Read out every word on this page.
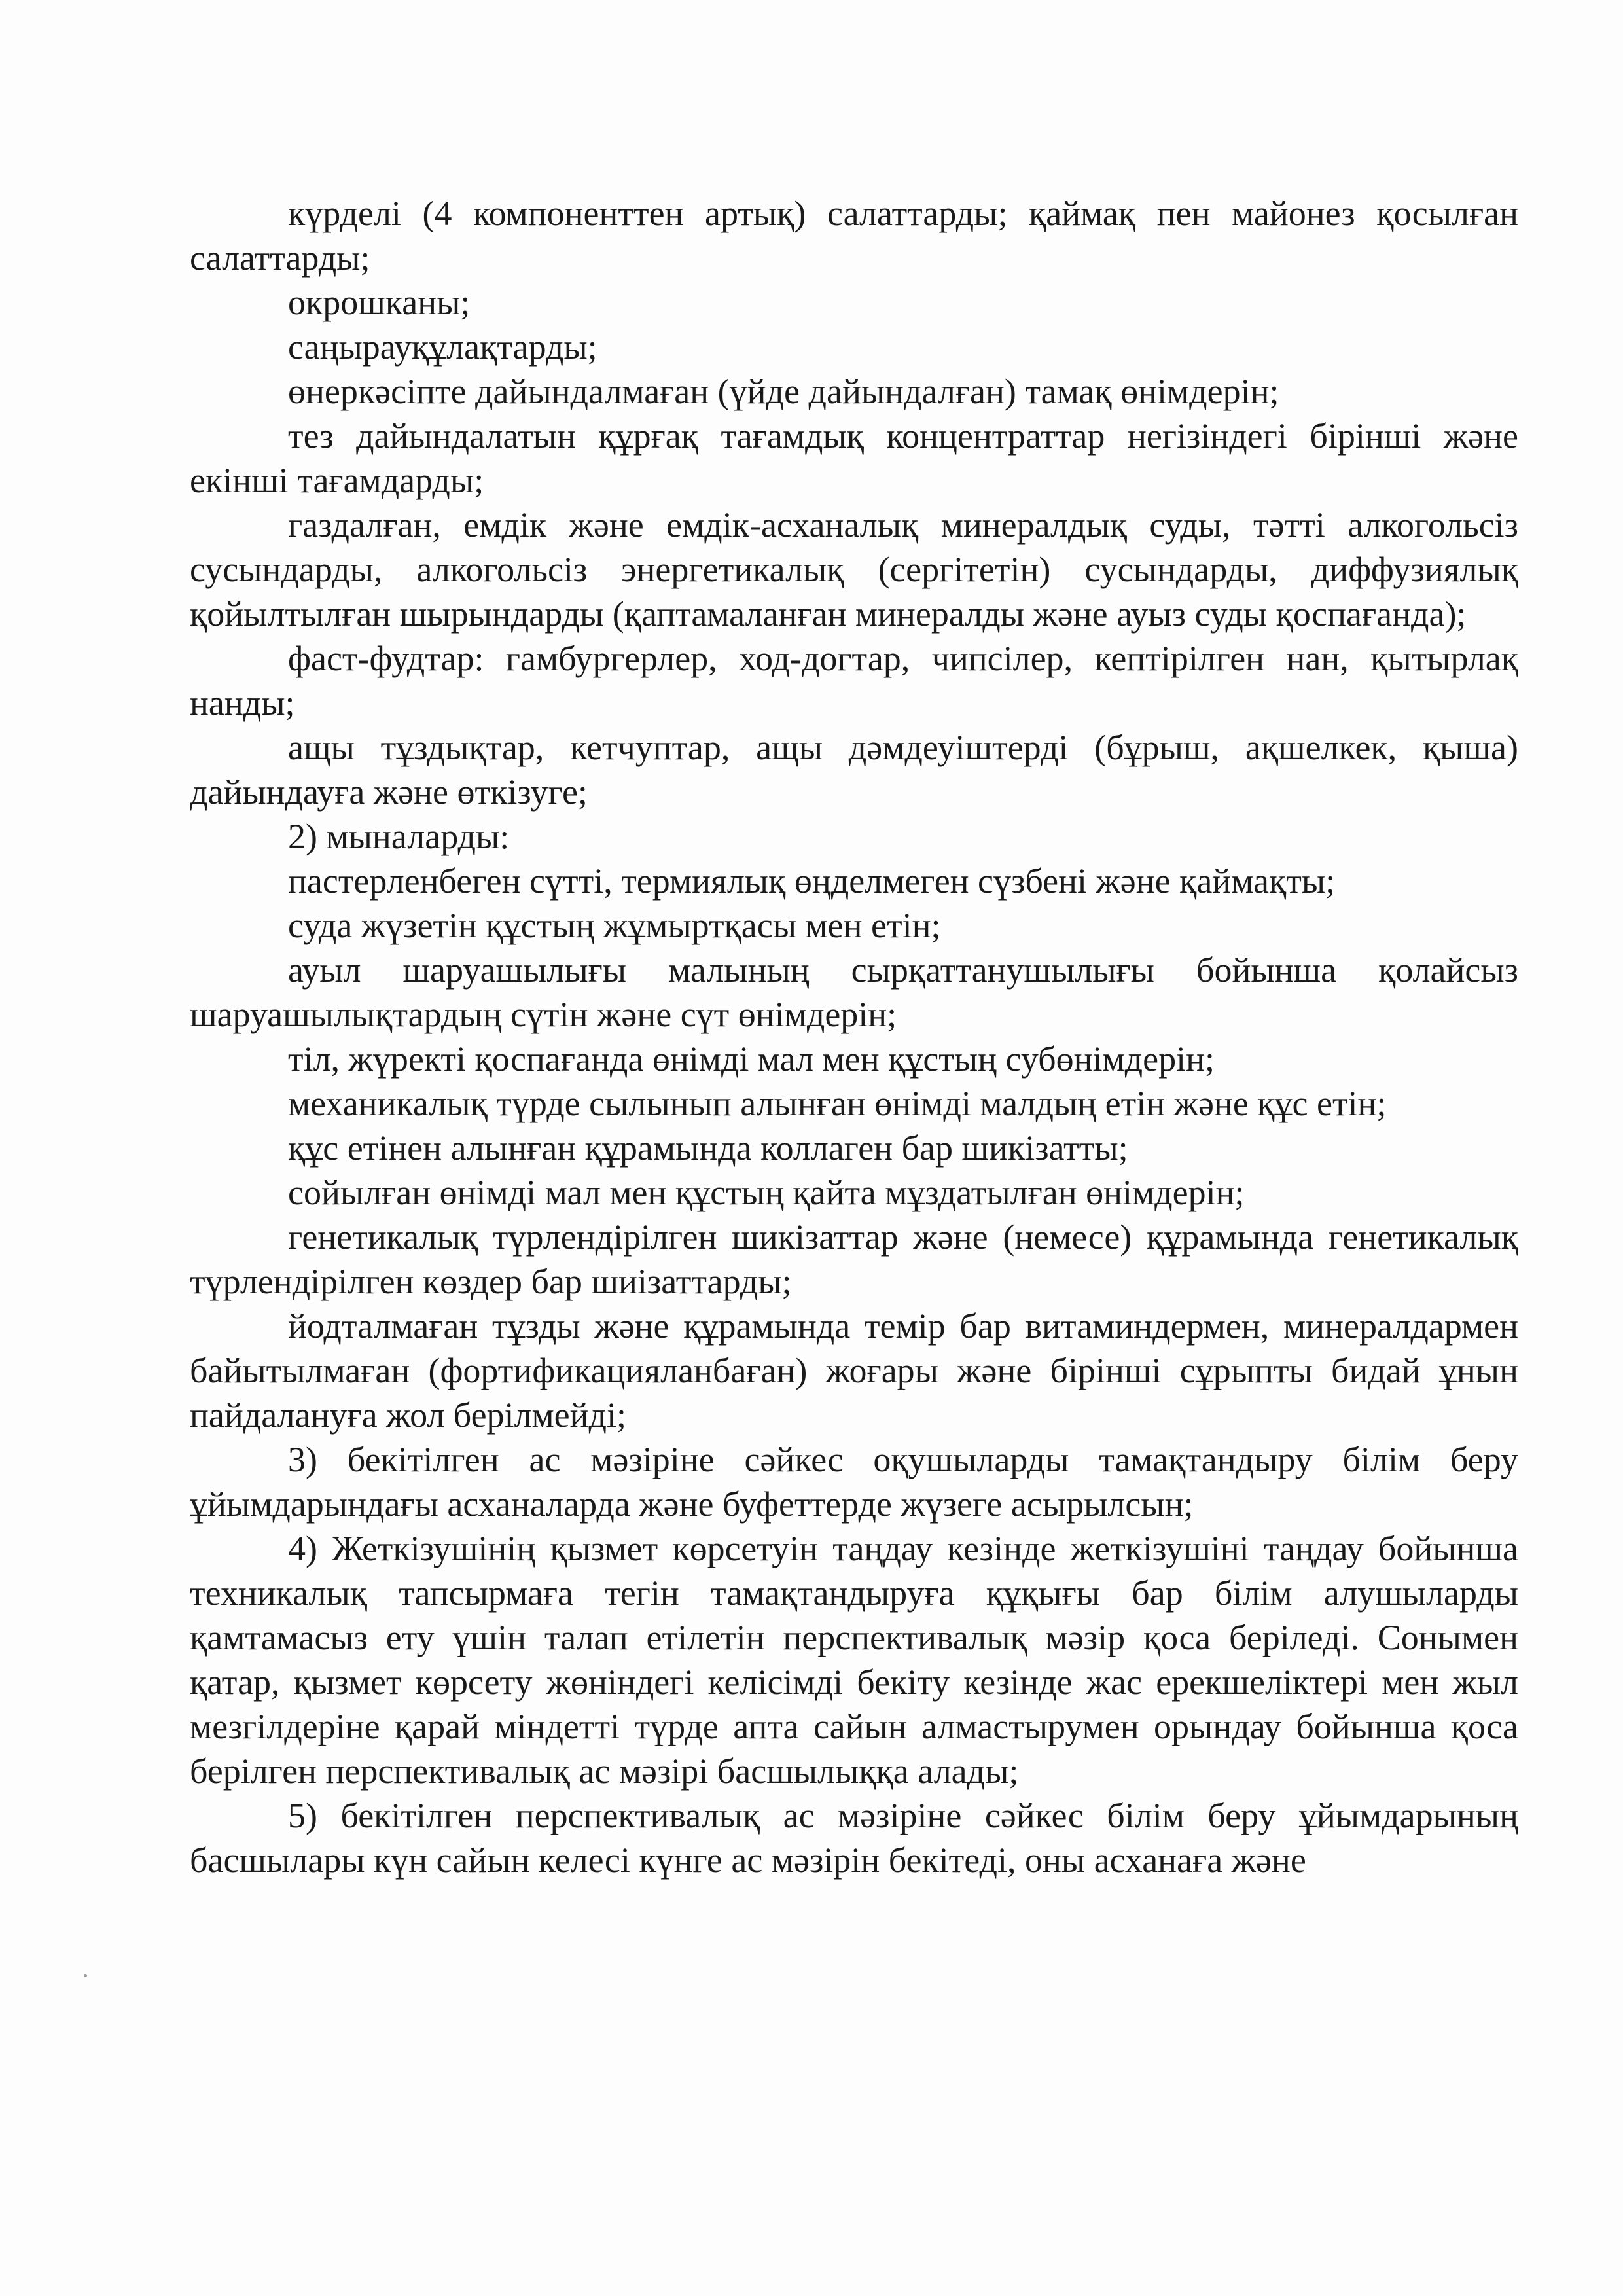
күрделі (4 компоненттен артық) салаттарды; қаймақ пен майонез қосылған салаттарды;

окрошканы;

саңырауқұлақтарды;

өнеркәсіпте дайындалмаған (үйде дайындалған) тамақ өнімдерін;

тез дайындалатын құрғақ тағамдық концентраттар негізіндегі бірінші және екінші тағамдарды;

газдалған, емдік және емдік-асханалық минералдық суды, тәтті алкогольсіз сусындарды, алкогольсіз энергетикалық (сергітетін) сусындарды, диффузиялық қойылтылған шырындарды (қаптамаланған минералды және ауыз суды қоспағанда);

фаст-фудтар: гамбургерлер, ход-догтар, чипсілер, кептірілген нан, қытырлақ нанды;

ащы тұздықтар, кетчуптар, ащы дәмдеуіштерді (бұрыш, ақшелкек, қыша) дайындауға және өткізуге;

2) мыналарды:

пастерленбеген сүтті, термиялық өңделмеген сүзбені және қаймақты;

суда жүзетін құстың жұмыртқасы мен етін;

ауыл шаруашылығы малының сырқаттанушылығы бойынша қолайсыз шаруашылықтардың сүтін және сүт өнімдерін;

тіл, жүректі қоспағанда өнімді мал мен құстың субөнімдерін;

механикалық түрде сылынып алынған өнімді малдың етін және құс етін;

құс етінен алынған құрамында коллаген бар шикізатты;

сойылған өнімді мал мен құстың қайта мұздатылған өнімдерін;

генетикалық түрлендірілген шикізаттар және (немесе) құрамында генетикалық түрлендірілген көздер бар шиізаттарды;

йодталмаған тұзды және құрамында темір бар витаминдермен, минералдармен байытылмаған (фортификацияланбаған) жоғары және бірінші сұрыпты бидай ұнын пайдалануға жол берілмейді;

3) бекітілген ас мәзіріне сәйкес оқушыларды тамақтандыру білім беру ұйымдарындағы асханаларда және буфеттерде жүзеге асырылсын;

4) Жеткізушінің қызмет көрсетуін таңдау кезінде жеткізушіні таңдау бойынша техникалық тапсырмаға тегін тамақтандыруға құқығы бар білім алушыларды қамтамасыз ету үшін талап етілетін перспективалық мәзір қоса беріледі. Сонымен қатар, қызмет көрсету жөніндегі келісімді бекіту кезінде жас ерекшеліктері мен жыл мезгілдеріне қарай міндетті түрде апта сайын алмастырумен орындау бойынша қоса берілген перспективалық ас мәзірі басшылыққа алады;

5) бекітілген перспективалық ас мәзіріне сәйкес білім беру ұйымдарының басшылары күн сайын келесі күнге ас мәзірін бекітеді, оны асханаға және
